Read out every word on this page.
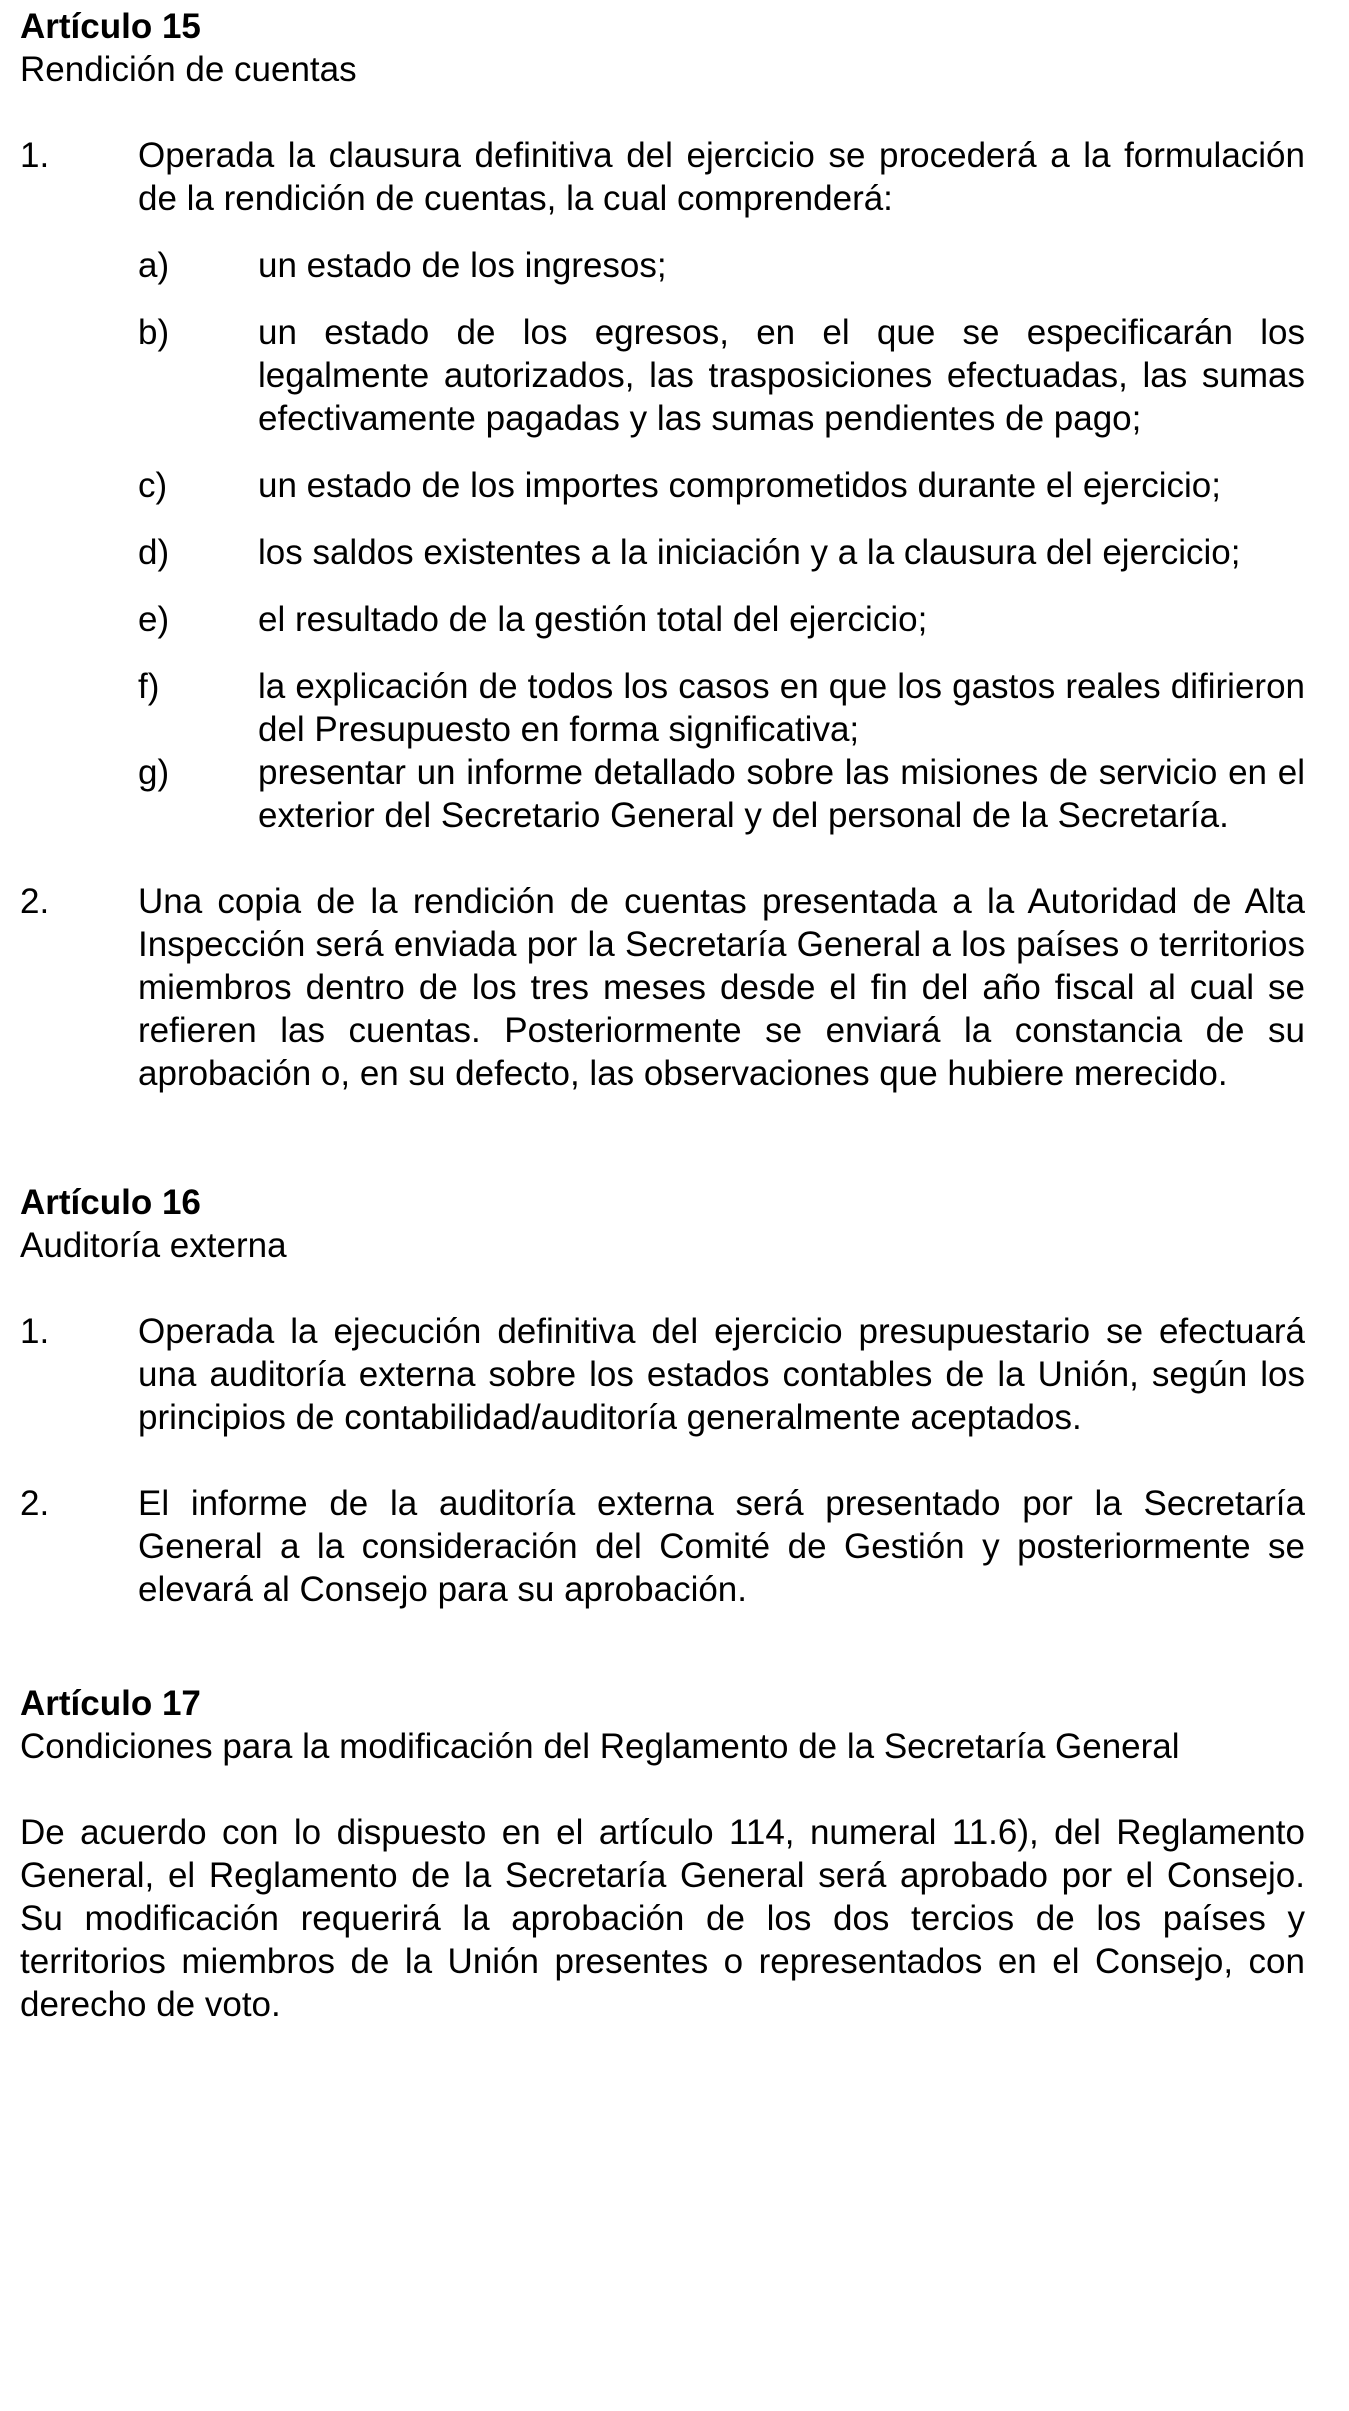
Artículo 15

Rendición de cuentas

1.	Operada la clausura definitiva del ejercicio se procederá a la formulación de la rendición de cuentas, la cual comprenderá:
a)	un estado de los ingresos;
b)	un estado de los egresos, en el que se especificarán los legalmente autorizados, las trasposiciones efectuadas, las sumas efectivamente pagadas y las sumas pendientes de pago;
c)	un estado de los importes comprometidos durante el ejercicio;
d)	los saldos existentes a la iniciación y a la clausura del ejercicio;
e)	el resultado de la gestión total del ejercicio;
f)	la explicación de todos los casos en que los gastos reales difirieron del Presupuesto en forma significativa;
g)	presentar un informe detallado sobre las misiones de servicio en el exterior del Secretario General y del personal de la Secretaría.
2.	Una copia de la rendición de cuentas presentada a la Autoridad de Alta Inspección será enviada por la Secretaría General a los países o territorios miembros dentro de los tres meses desde el fin del año fiscal al cual se refieren las cuentas. Posteriormente se enviará la constancia de su aprobación o, en su defecto, las observaciones que hubiere merecido.

Artículo 16

Auditoría externa

1.	Operada la ejecución definitiva del ejercicio presupuestario se efectuará una auditoría externa sobre los estados contables de la Unión, según los principios de contabilidad/auditoría generalmente aceptados.
2.	El informe de la auditoría externa será presentado por la Secretaría General a la consideración del Comité de Gestión y posteriormente se elevará al Consejo para su aprobación.

Artículo 17

Condiciones para la modificación del Reglamento de la Secretaría General

De acuerdo con lo dispuesto en el artículo 114, numeral 11.6), del Reglamento General, el Reglamento de la Secretaría General será aprobado por el Consejo. Su modificación requerirá la aprobación de los dos tercios de los países y territorios miembros de la Unión presentes o representados en el Consejo, con derecho de voto.
